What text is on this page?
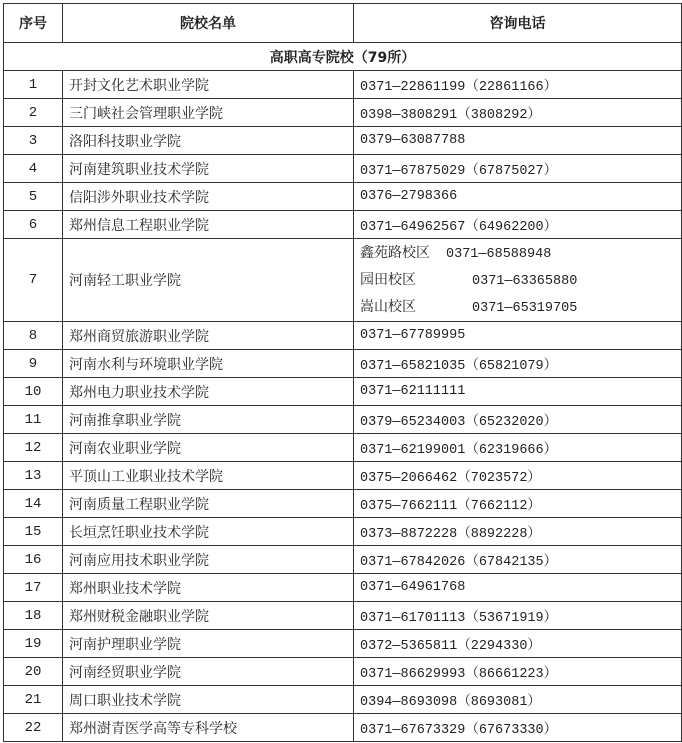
序号	院校名单	咨询电话
高职高专院校（79所）		
1	开封文化艺术职业学院	0371—22861199（22861166）
2	三门峡社会管理职业学院	0398—3808291（3808292）
3	洛阳科技职业学院	0379—63087788
4	河南建筑职业技术学院	0371—67875029（67875027）
5	信阳涉外职业技术学院	0376—2798366
6	郑州信息工程职业学院	0371—64962567（64962200）
7	河南轻工职业学院	鑫苑路校区 0371—68588948
园田校区 0371—63365880
嵩山校区 0371—65319705

8	郑州商贸旅游职业学院	0371—67789995
9	河南水利与环境职业学院	0371—65821035（65821079）
10	郑州电力职业技术学院	0371—62111111
11	河南推拿职业学院	0379—65234003（65232020）
12	河南农业职业学院	0371—62199001（62319666）
13	平顶山工业职业技术学院	0375—2066462（7023572）
14	河南质量工程职业学院	0375—7662111（7662112）
15	长垣烹饪职业技术学院	0373—8872228（8892228）
16	河南应用技术职业学院	0371—67842026（67842135）
17	郑州职业技术学院	0371—64961768
18	郑州财税金融职业学院	0371—61701113（53671919）
19	河南护理职业学院	0372—5365811（2294330）
20	河南经贸职业学院	0371—86629993（86661223）
21	周口职业技术学院	0394—8693098（8693081）
22	郑州澍青医学高等专科学校	0371—67673329（67673330）
